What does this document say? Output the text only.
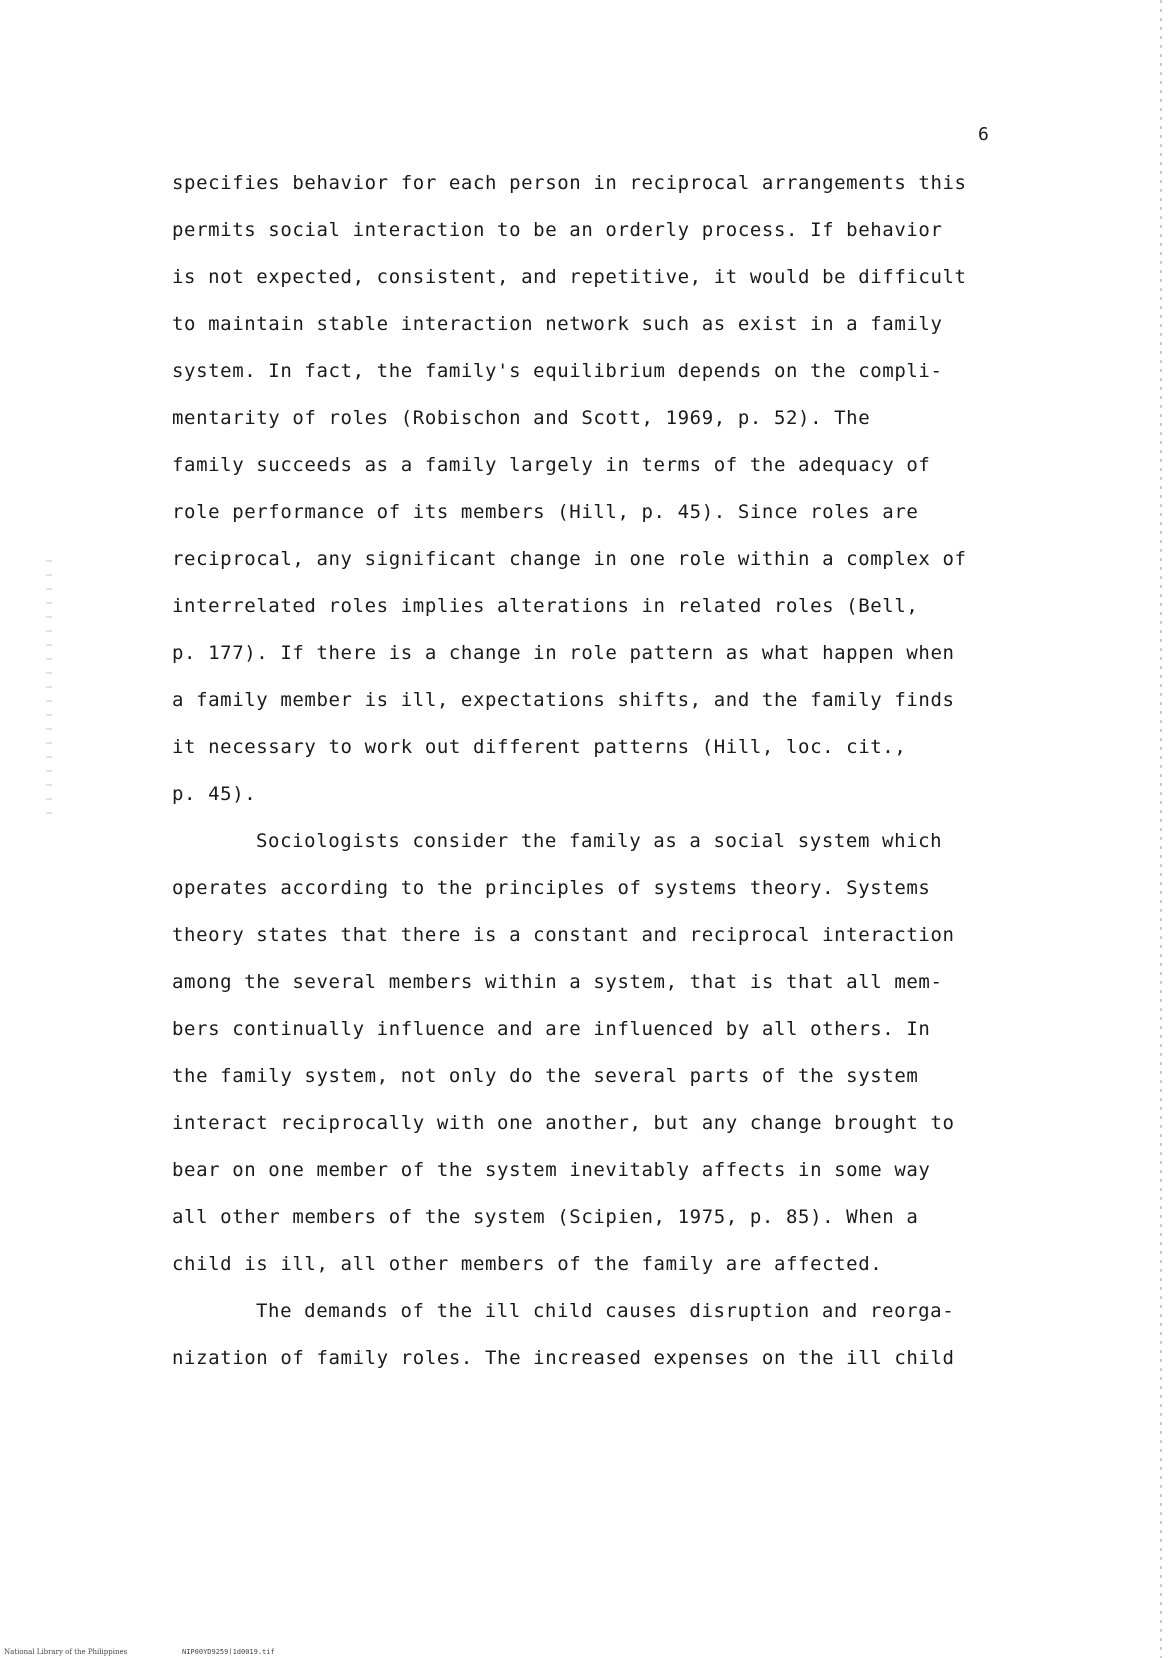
6
specifies behavior for each person in reciprocal arrangements this
permits social interaction to be an orderly process. If behavior
is not expected, consistent, and repetitive, it would be difficult
to maintain stable interaction network such as exist in a family
system. In fact, the family's equilibrium depends on the compli-
mentarity of roles (Robischon and Scott, 1969, p. 52). The
family succeeds as a family largely in terms of the adequacy of
role performance of its members (Hill, p. 45). Since roles are
reciprocal, any significant change in one role within a complex of
interrelated roles implies alterations in related roles (Bell,
p. 177). If there is a change in role pattern as what happen when
a family member is ill, expectations shifts, and the family finds
it necessary to work out different patterns (Hill, loc. cit.,
p. 45).
Sociologists consider the family as a social system which
operates according to the principles of systems theory. Systems
theory states that there is a constant and reciprocal interaction
among the several members within a system, that is that all mem-
bers continually influence and are influenced by all others. In
the family system, not only do the several parts of the system
interact reciprocally with one another, but any change brought to
bear on one member of the system inevitably affects in some way
all other members of the system (Scipien, 1975, p. 85). When a
child is ill, all other members of the family are affected.
The demands of the ill child causes disruption and reorga-
nization of family roles. The increased expenses on the ill child
National Library of the Philippines	NIP00YD9259(1d0019.tif
